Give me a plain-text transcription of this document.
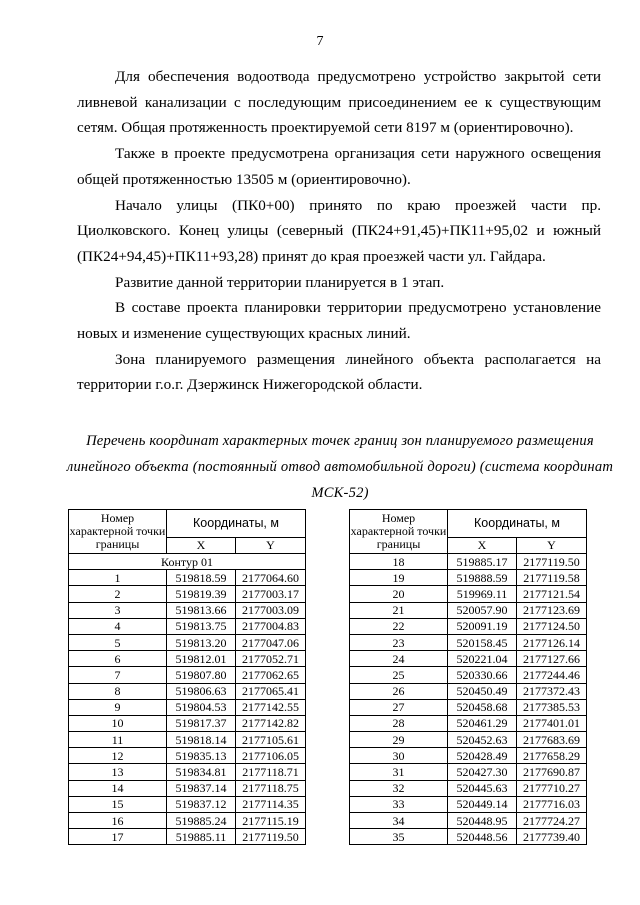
7

Для обеспечения водоотвода предусмотрено устройство закрытой сети ливневой канализации с последующим присоединением ее к существующим сетям. Общая протяженность проектируемой сети 8197 м (ориентировочно).

Также в проекте предусмотрена организация сети наружного освещения общей протяженностью 13505 м (ориентировочно).

Начало улицы (ПК0+00) принято по краю проезжей части пр. Циолковского. Конец улицы (северный (ПК24+91,45)+ПК11+95,02 и южный (ПК24+94,45)+ПК11+93,28) принят до края проезжей части ул. Гайдара.

Развитие данной территории планируется в 1 этап.

В составе проекта планировки территории предусмотрено установление новых и изменение существующих красных линий.

Зона планируемого размещения линейного объекта располагается на территории г.о.г. Дзержинск Нижегородской области.

Перечень координат характерных точек границ зон планируемого размещения линейного объекта (постоянный отвод автомобильной дороги) (система координат МСК-52)
Номер характерной точки границы	Координаты, м	
	X	Y
Контур 01		
1	519818.59	2177064.60
2	519819.39	2177003.17
3	519813.66	2177003.09
4	519813.75	2177004.83
5	519813.20	2177047.06
6	519812.01	2177052.71
7	519807.80	2177062.65
8	519806.63	2177065.41
9	519804.53	2177142.55
10	519817.37	2177142.82
11	519818.14	2177105.61
12	519835.13	2177106.05
13	519834.81	2177118.71
14	519837.14	2177118.75
15	519837.12	2177114.35
16	519885.24	2177115.19
17	519885.11	2177119.50
Номер характерной точки границы	Координаты, м	
	X	Y
18	519885.17	2177119.50
19	519888.59	2177119.58
20	519969.11	2177121.54
21	520057.90	2177123.69
22	520091.19	2177124.50
23	520158.45	2177126.14
24	520221.04	2177127.66
25	520330.66	2177244.46
26	520450.49	2177372.43
27	520458.68	2177385.53
28	520461.29	2177401.01
29	520452.63	2177683.69
30	520428.49	2177658.29
31	520427.30	2177690.87
32	520445.63	2177710.27
33	520449.14	2177716.03
34	520448.95	2177724.27
35	520448.56	2177739.40
